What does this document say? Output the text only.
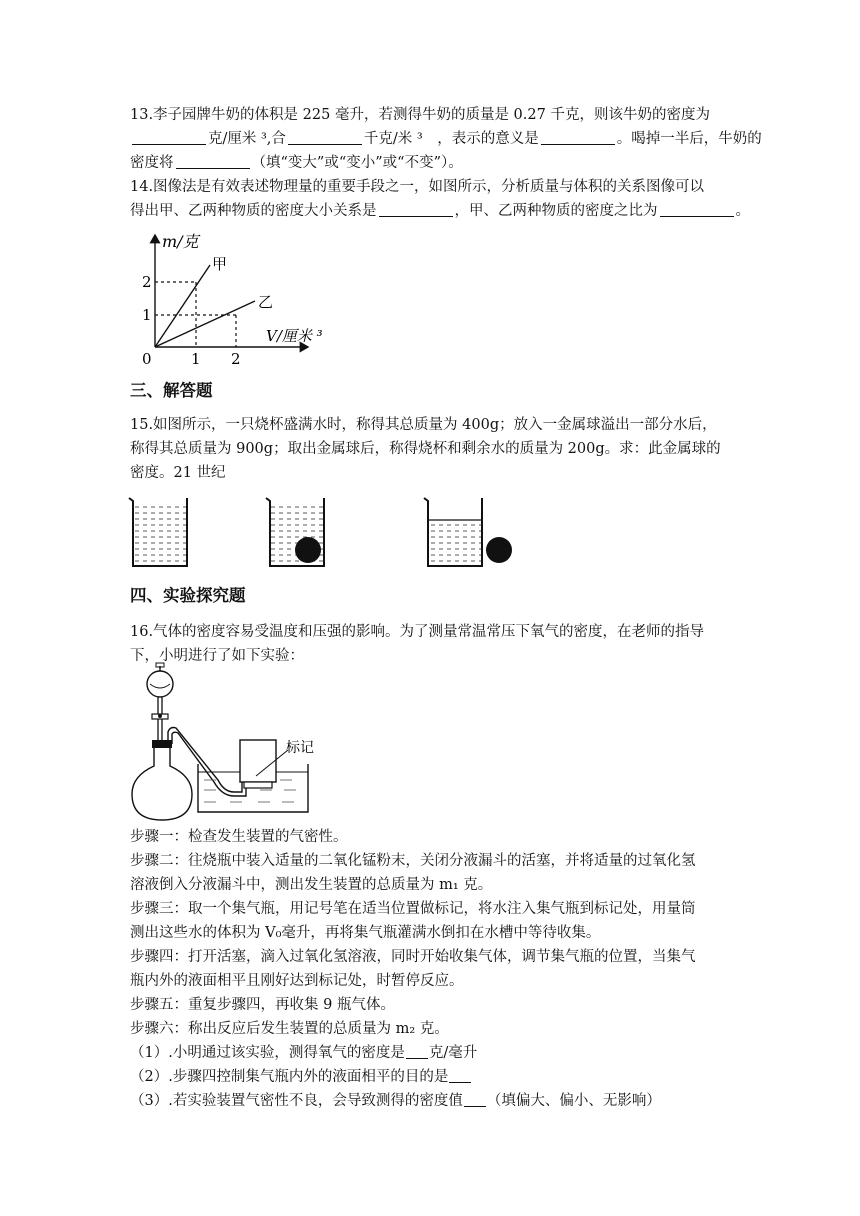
13.李子园牌牛奶的体积是 225 毫升，若测得牛奶的质量是 0.27 千克，则该牛奶的密度为
克/厘米 ³,合	千克/米 ³　，表示的意义是	。喝掉一半后，牛奶的
密度将	（填“变大”或“变小”或“不变”）。
14.图像法是有效表述物理量的重要手段之一，如图所示，分析质量与体积的关系图像可以
得出甲、乙两种物质的密度大小关系是	，甲、乙两种物质的密度之比为	。
m/克
V/厘米 ³
甲
乙
1
2
1 2
0
三、解答题
15.如图所示，一只烧杯盛满水时，称得其总质量为 400g；放入一金属球溢出一部分水后，
称得其总质量为 900g；取出金属球后，称得烧杯和剩余水的质量为 200g。求：此金属球的
密度。21 世纪
四、实验探究题
16.气体的密度容易受温度和压强的影响。为了测量常温常压下氧气的密度，在老师的指导
下，小明进行了如下实验：
标记
步骤一：检查发生装置的气密性。
步骤二：往烧瓶中装入适量的二氧化锰粉末，关闭分液漏斗的活塞，并将适量的过氧化氢
溶液倒入分液漏斗中，测出发生装置的总质量为 m₁ 克。
步骤三：取一个集气瓶，用记号笔在适当位置做标记，将水注入集气瓶到标记处，用量筒
测出这些水的体积为 V₀毫升，再将集气瓶灌满水倒扣在水槽中等待收集。
步骤四：打开活塞，滴入过氧化氢溶液，同时开始收集气体，调节集气瓶的位置，当集气
瓶内外的液面相平且刚好达到标记处，时暂停反应。
步骤五：重复步骤四，再收集 9 瓶气体。
步骤六：称出反应后发生装置的总质量为 m₂ 克。
（1）.小明通过该实验，测得氧气的密度是 克/毫升
（2）.步骤四控制集气瓶内外的液面相平的目的是
（3）.若实验装置气密性不良，会导致测得的密度值 （填偏大、偏小、无影响）
